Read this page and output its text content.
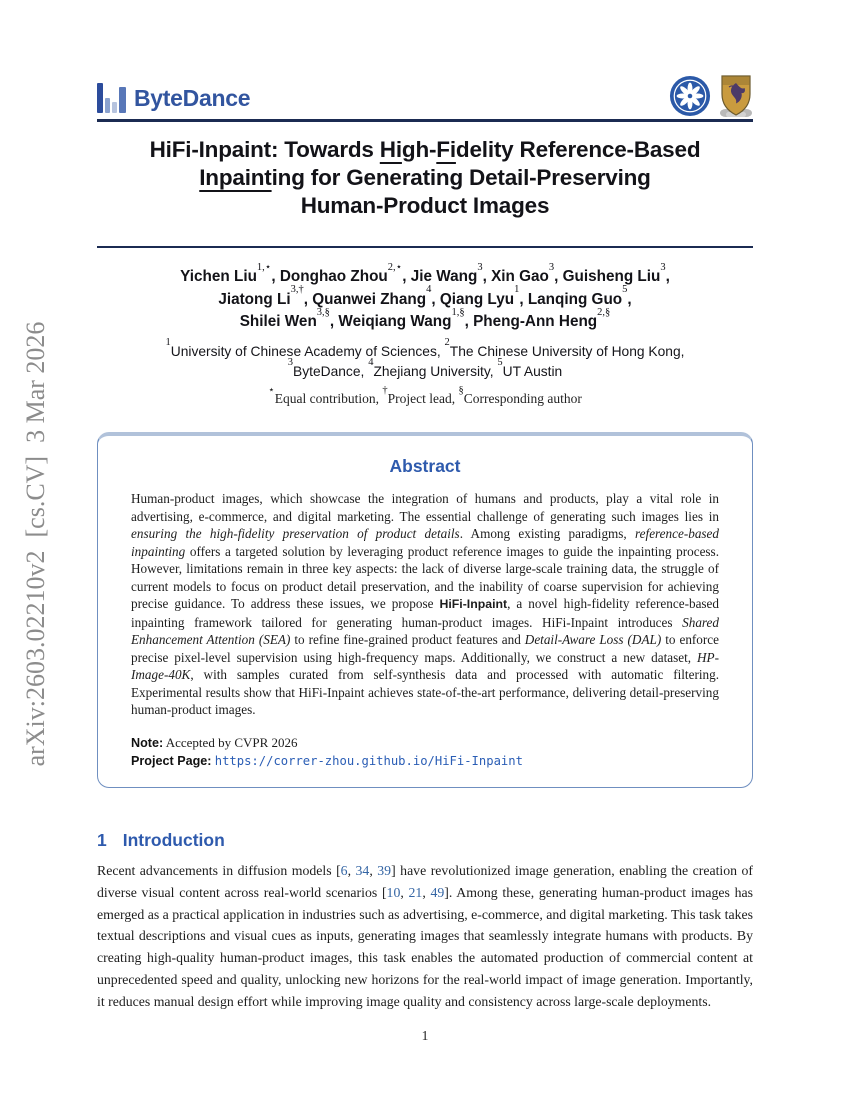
arXiv:2603.02210v2  [cs.CV]  3 Mar 2026
ByteDance
HiFi-Inpaint: Towards High-Fidelity Reference-Based
Inpainting for Generating Detail-Preserving
Human-Product Images
Yichen Liu$^{1,⋆}$, Donghao Zhou$^{2,⋆}$, Jie Wang$^3$, Xin Gao$^3$, Guisheng Liu$^3$,
Jiatong $Li^{3,\dagger}$, Quanwei Zhang$^4$, Qiang Lyu$^1$, Lanqing Guo$^5$,
Shilei Wen$^{3,\S}$, Weiqiang Wang$^{1,\S}$, Pheng-Ann Heng$^{2,\S}$
$^1$University of Chinese Academy of Sciences, $^2$The Chinese University of Hong Kong,
$^3$ByteDance, $^4$Zhejiang University, $^5$UT Austin
⋆Equal contribution, †Project lead, §Corresponding author
Abstract
Human-product images, which showcase the integration of humans and products, play a vital role in advertising, e-commerce, and digital marketing. The essential challenge of generating such images lies in ensuring the high-fidelity preservation of product details. Among existing paradigms, reference-based inpainting offers a targeted solution by leveraging product reference images to guide the inpainting process. However, limitations remain in three key aspects: the lack of diverse large-scale training data, the struggle of current models to focus on product detail preservation, and the inability of coarse supervision for achieving precise guidance. To address these issues, we propose HiFi-Inpaint, a novel high-fidelity reference-based inpainting framework tailored for generating human-product images. HiFi-Inpaint introduces Shared Enhancement Attention (SEA) to refine fine-grained product features and Detail-Aware Loss (DAL) to enforce precise pixel-level supervision using high-frequency maps. Additionally, we construct a new dataset, HP-Image-40K, with samples curated from self-synthesis data and processed with automatic filtering. Experimental results show that HiFi-Inpaint achieves state-of-the-art performance, delivering detail-preserving human-product images.
Note: Accepted by CVPR 2026
Project Page: https://correr-zhou.github.io/HiFi-Inpaint
1 Introduction
Recent advancements in diffusion models [6, 34, 39] have revolutionized image generation, enabling the creation of diverse visual content across real-world scenarios [10, 21, 49]. Among these, generating human-product images has emerged as a practical application in industries such as advertising, e-commerce, and digital marketing. This task takes textual descriptions and visual cues as inputs, generating images that seamlessly integrate humans with products. By creating high-quality human-product images, this task enables the automated production of commercial content at unprecedented speed and quality, unlocking new horizons for the real-world impact of image generation. Importantly, it reduces manual design effort while improving image quality and consistency across large-scale deployments.
1
